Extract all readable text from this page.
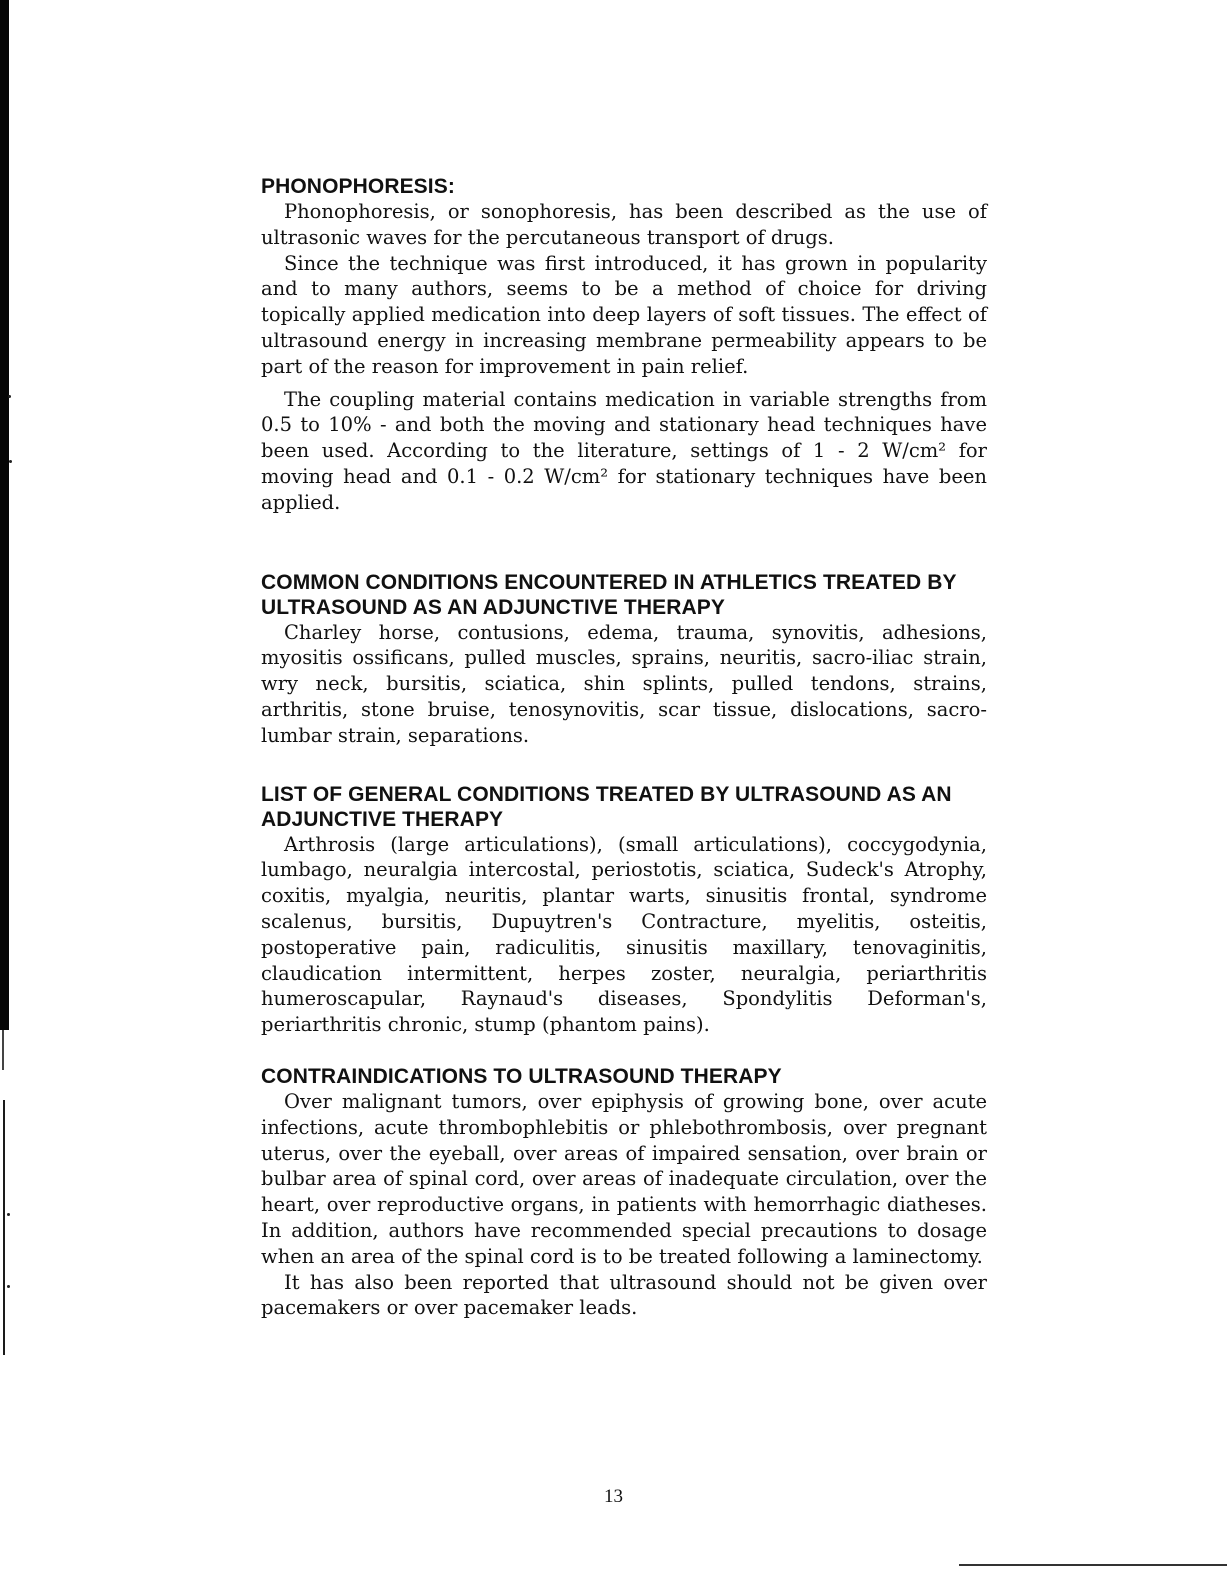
PHONOPHORESIS:

Phonophoresis, or sonophoresis, has been described as the use of ultrasonic waves for the percutaneous transport of drugs.

Since the technique was first introduced, it has grown in popularity and to many authors, seems to be a method of choice for driving topically applied medication into deep layers of soft tissues. The effect of ultrasound energy in increasing membrane permeability appears to be part of the reason for improvement in pain relief.

The coupling material contains medication in variable strengths from 0.5 to 10% - and both the moving and stationary head techniques have been used. According to the literature, settings of 1 - 2 W/cm² for moving head and 0.1 - 0.2 W/cm² for stationary techniques have been applied.

COMMON CONDITIONS ENCOUNTERED IN ATHLETICS TREATED BY ULTRASOUND AS AN ADJUNCTIVE THERAPY

Charley horse, contusions, edema, trauma, synovitis, adhesions, myositis ossificans, pulled muscles, sprains, neuritis, sacro-iliac strain, wry neck, bursitis, sciatica, shin splints, pulled tendons, strains, arthritis, stone bruise, tenosynovitis, scar tissue, dislocations, sacro-lumbar strain, separations.

LIST OF GENERAL CONDITIONS TREATED BY ULTRASOUND AS AN ADJUNCTIVE THERAPY

Arthrosis (large articulations), (small articulations), coccygodynia, lumbago, neuralgia intercostal, periostotis, sciatica, Sudeck's Atrophy, coxitis, myalgia, neuritis, plantar warts, sinusitis frontal, syndrome scalenus, bursitis, Dupuytren's Contracture, myelitis, osteitis, postoperative pain, radiculitis, sinusitis maxillary, tenovaginitis, claudication intermittent, herpes zoster, neuralgia, periarthritis humeroscapular, Raynaud's diseases, Spondylitis Deforman's, periarthritis chronic, stump (phantom pains).

CONTRAINDICATIONS TO ULTRASOUND THERAPY

Over malignant tumors, over epiphysis of growing bone, over acute infections, acute thrombophlebitis or phlebothrombosis, over pregnant uterus, over the eyeball, over areas of impaired sensation, over brain or bulbar area of spinal cord, over areas of inadequate circulation, over the heart, over reproductive organs, in patients with hemorrhagic diatheses. In addition, authors have recommended special precautions to dosage when an area of the spinal cord is to be treated following a laminectomy.

It has also been reported that ultrasound should not be given over pacemakers or over pacemaker leads.

13
